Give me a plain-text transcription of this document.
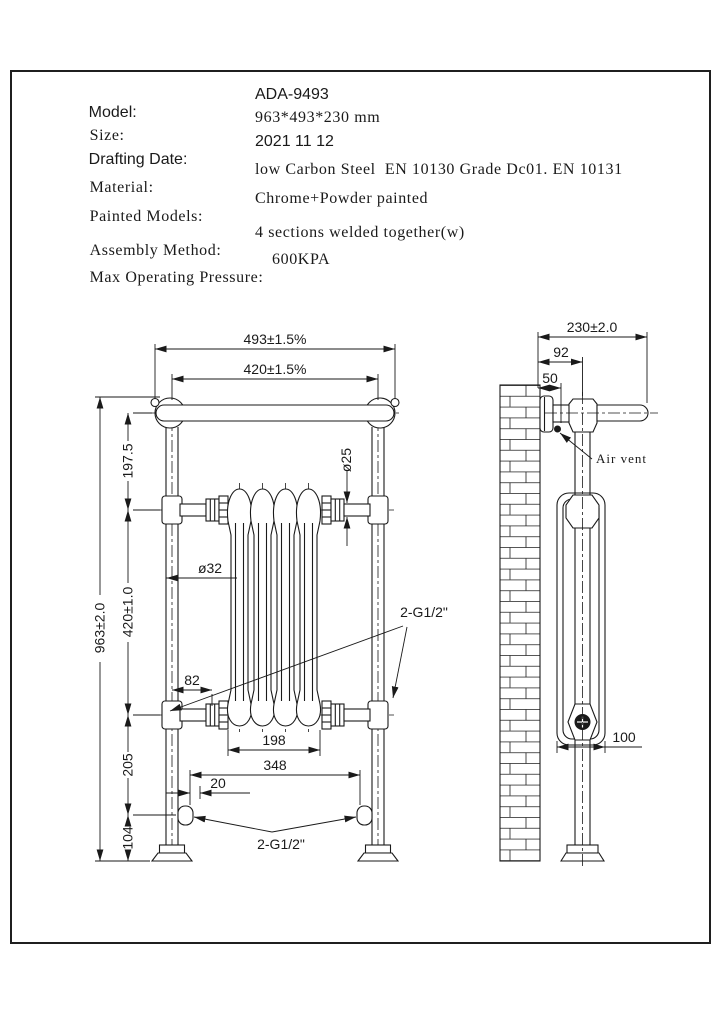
Model:

ADA-9493

Size:

963*493*230 mm

Drafting Date:

2021 11 12

Material:

low Carbon Steel  EN 10130 Grade Dc01. EN 10131

Painted Models:

Chrome+Powder painted

Assembly Method:

4 sections welded together(w)

Max Operating Pressure:

600KPA

493±1.5%
420±1.5%
963±2.0
197.5
420±1.0
205
104
ø25
ø32
82
198
348
20
2-G1/2"
2-G1/2"
230±2.0
92
50
Air vent
100
